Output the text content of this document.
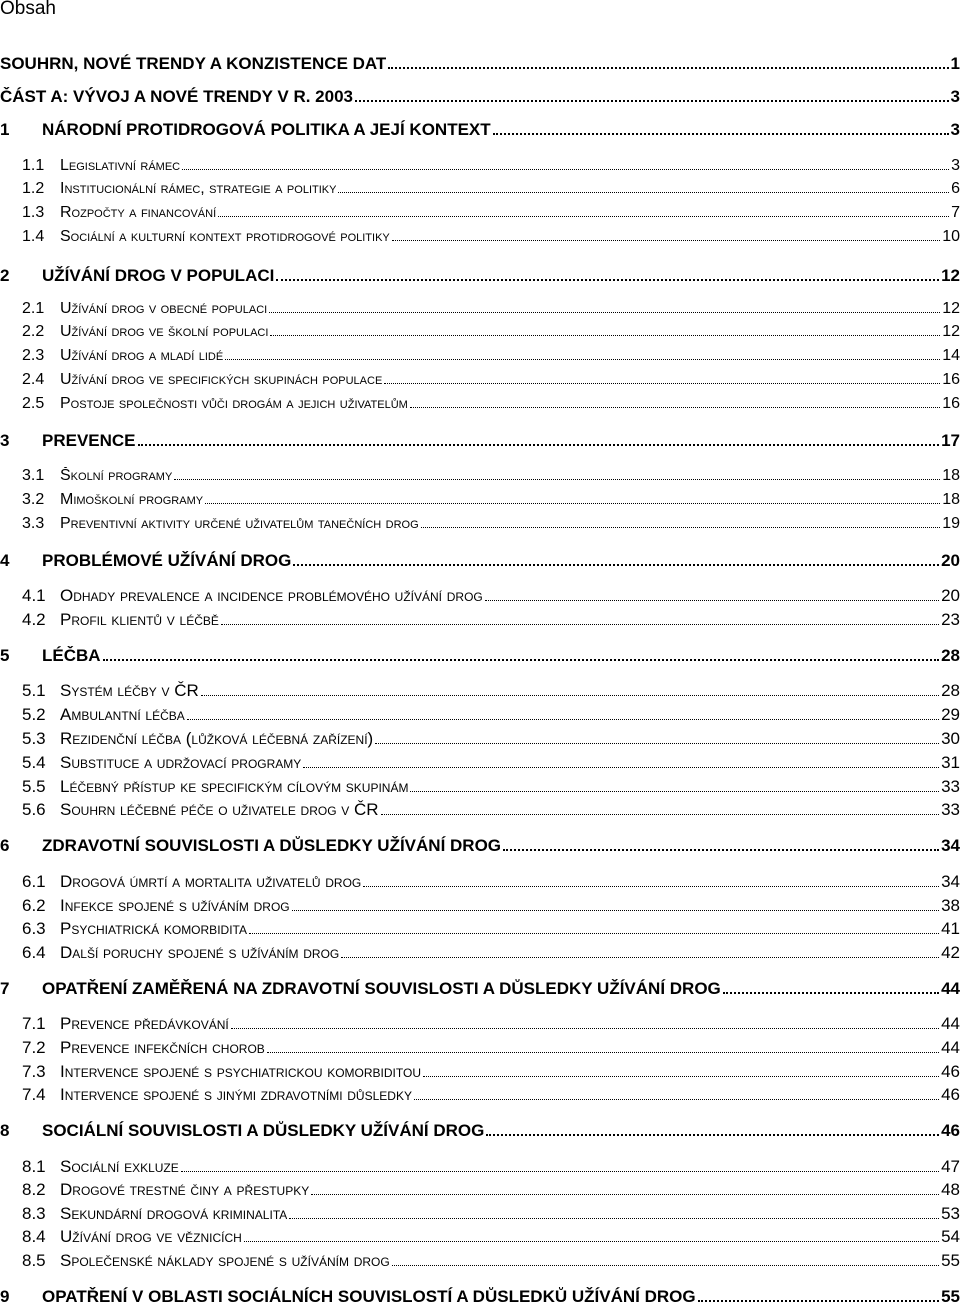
Obsah
SOUHRN, NOVÉ TRENDY A KONZISTENCE DAT	1
ČÁST A: VÝVOJ A NOVÉ TRENDY V R. 2003	3
1	NÁRODNÍ PROTIDROGOVÁ POLITIKA A JEJÍ KONTEXT	3
1.1 Legislativní rámec	3
1.2 Institucionální rámec, strategie a politiky	6
1.3 Rozpočty a financování	7
1.4 Sociální a kulturní kontext protidrogové politiky	10
2	UŽÍVÁNÍ DROG V POPULACI	12
2.1 Užívání drog v obecné populaci	12
2.2 Užívání drog ve školní populaci	12
2.3 Užívání drog a mladí lidé	14
2.4 Užívání drog ve specifických skupinách populace	16
2.5 Postoje společnosti vůči drogám a jejich uživatelům	16
3	PREVENCE	17
3.1 Školní programy	18
3.2 Mimoškolní programy	18
3.3 Preventivní aktivity určené uživatelům tanečních drog	19
4	PROBLÉMOVÉ UŽÍVÁNÍ DROG	20
4.1 Odhady prevalence a incidence problémového užívání drog	20
4.2 Profil klientů v léčbě	23
5	LÉČBA	28
5.1 Systém léčby v ČR	28
5.2 Ambulantní léčba	29
5.3 Rezidenční léčba (lůžková léčebná zařízení)	30
5.4 Substituce a udržovací programy	31
5.5 Léčebný přístup ke specifickým cílovým skupinám	33
5.6 Souhrn léčebné péče o uživatele drog v ČR	33
6	ZDRAVOTNÍ SOUVISLOSTI A DŮSLEDKY UŽÍVÁNÍ DROG	34
6.1 Drogová úmrtí a mortalita uživatelů drog	34
6.2 Infekce spojené s užíváním drog	38
6.3 Psychiatrická komorbidita	41
6.4 Další poruchy spojené s užíváním drog	42
7	OPATŘENÍ ZAMĚŘENÁ NA ZDRAVOTNÍ SOUVISLOSTI A DŮSLEDKY UŽÍVÁNÍ DROG	44
7.1 Prevence předávkování	44
7.2 Prevence infekčních chorob	44
7.3 Intervence spojené s psychiatrickou komorbiditou	46
7.4 Intervence spojené s jinými zdravotními důsledky	46
8	SOCIÁLNÍ SOUVISLOSTI A DŮSLEDKY UŽÍVÁNÍ DROG	46
8.1 Sociální exkluze	47
8.2 Drogové trestné činy a přestupky	48
8.3 Sekundární drogová kriminalita	53
8.4 Užívání drog ve věznicích	54
8.5 Společenské náklady spojené s užíváním drog	55
9	OPATŘENÍ V OBLASTI SOCIÁLNÍCH SOUVISLOSTÍ A DŮSLEDKŮ UŽÍVÁNÍ DROG	55
